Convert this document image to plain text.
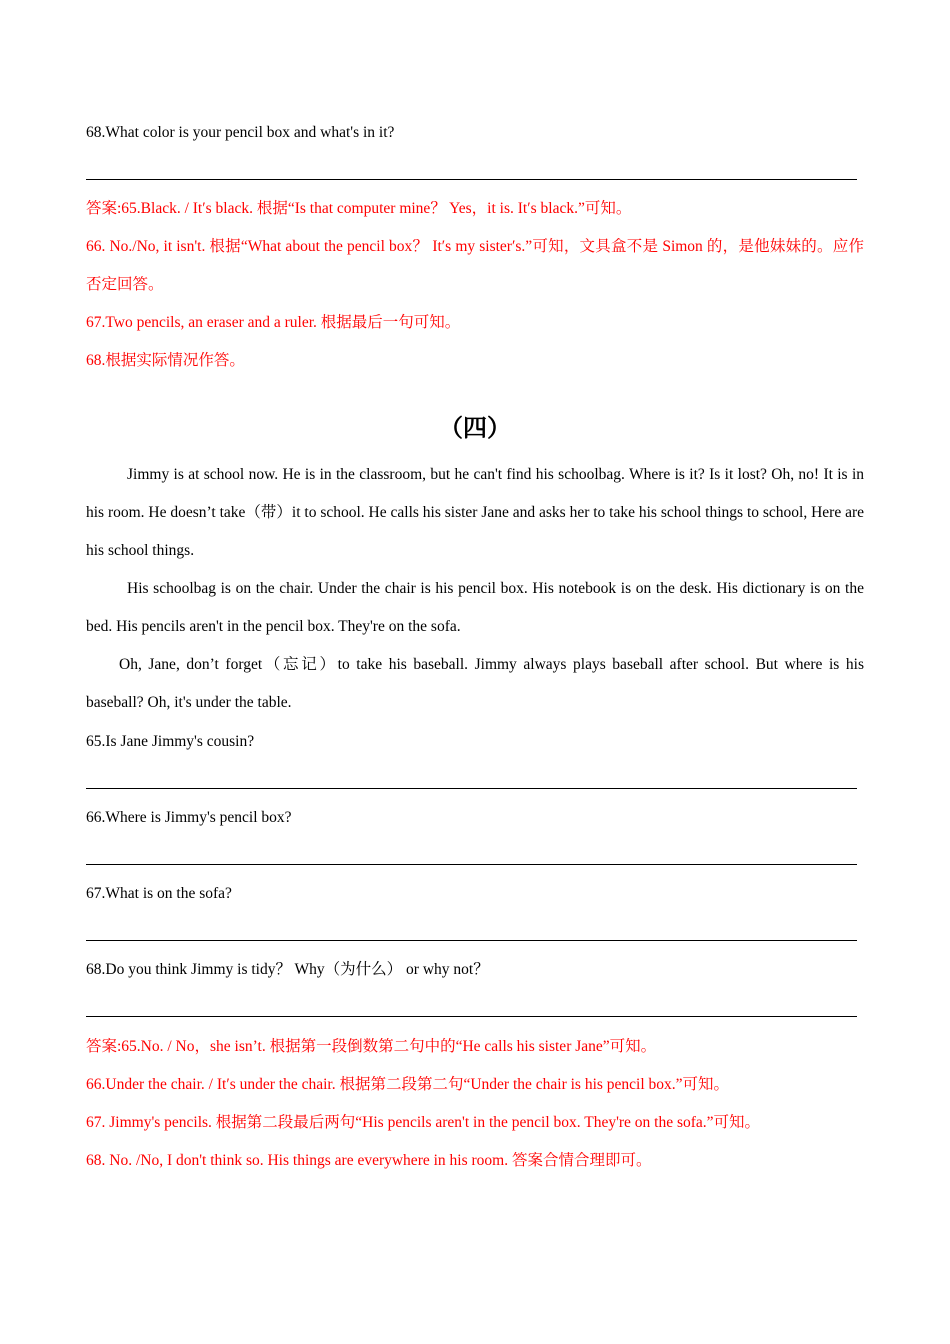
68.What color is your pencil box and what's in it?
答案:65.Black. / It′s black. 根据“Is that computer mine？ Yes，it is. It′s black.”可知。
66. No./No, it isn't. 根据“What about the pencil box？ It′s my sister′s.”可知，文具盒不是 Simon 的，是他妹妹的。应作否定回答。
67.Two pencils, an eraser and a ruler. 根据最后一句可知。
68.根据实际情况作答。
（四）
Jimmy is at school now. He is in the classroom, but he can't find his schoolbag. Where is it? Is it lost? Oh, no! It is in his room. He doesn’t take（带）it to school. He calls his sister Jane and asks her to take his school things to school, Here are his school things.
His schoolbag is on the chair. Under the chair is his pencil box. His notebook is on the desk. His dictionary is on the bed. His pencils aren't in the pencil box. They're on the sofa.
Oh, Jane, don’t forget（忘记）to take his baseball. Jimmy always plays baseball after school. But where is his baseball? Oh, it's under the table.
65.Is Jane Jimmy's cousin?
66.Where is Jimmy's pencil box?
67.What is on the sofa?
68.Do you think Jimmy is tidy？ Why（为什么） or why not？
答案:65.No. / No，she isn’t. 根据第一段倒数第二句中的“He calls his sister Jane”可知。
66.Under the chair. / It′s under the chair. 根据第二段第二句“Under the chair is his pencil box.”可知。
67. Jimmy's pencils. 根据第二段最后两句“His pencils aren't in the pencil box. They're on the sofa.”可知。
68. No. /No, I don't think so. His things are everywhere in his room. 答案合情合理即可。
